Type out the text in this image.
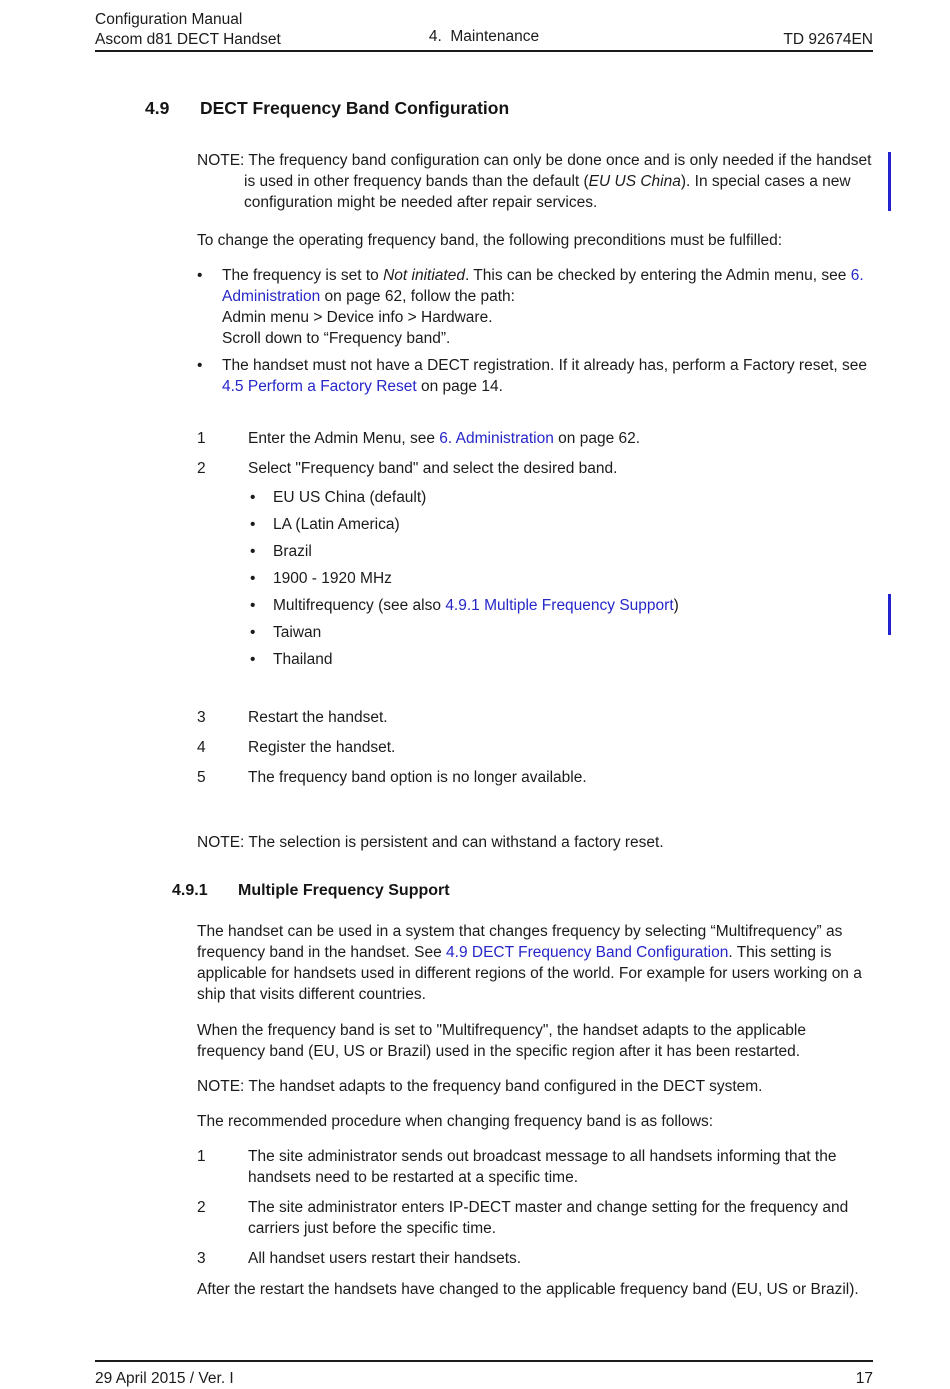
Configuration Manual
Ascom d81 DECT Handset	4.  Maintenance	TD 92674EN
4.9 DECT Frequency Band Configuration
NOTE: The frequency band configuration can only be done once and is only needed if the handset is used in other frequency bands than the default (EU US China). In special cases a new configuration might be needed after repair services.
To change the operating frequency band, the following preconditions must be fulfilled:
•	The frequency is set to Not initiated. This can be checked by entering the Admin menu, see 6. Administration on page 62, follow the path:
Admin menu > Device info > Hardware.
Scroll down to “Frequency band”.
•	The handset must not have a DECT registration. If it already has, perform a Factory reset, see 4.5 Perform a Factory Reset on page 14.
1	Enter the Admin Menu, see 6. Administration on page 62.
2	Select "Frequency band" and select the desired band.
•	EU US China (default)
•	LA (Latin America)
•	Brazil
•	1900 - 1920 MHz
•	Multifrequency (see also 4.9.1 Multiple Frequency Support)
•	Taiwan
•	Thailand
3	Restart the handset.
4	Register the handset.
5	The frequency band option is no longer available.
NOTE: The selection is persistent and can withstand a factory reset.
4.9.1 Multiple Frequency Support
The handset can be used in a system that changes frequency by selecting “Multifrequency” as frequency band in the handset. See 4.9 DECT Frequency Band Configuration. This setting is applicable for handsets used in different regions of the world. For example for users working on a ship that visits different countries.
When the frequency band is set to "Multifrequency", the handset adapts to the applicable frequency band (EU, US or Brazil) used in the specific region after it has been restarted.
NOTE: The handset adapts to the frequency band configured in the DECT system.
The recommended procedure when changing frequency band is as follows:
1	The site administrator sends out broadcast message to all handsets informing that the handsets need to be restarted at a specific time.
2	The site administrator enters IP-DECT master and change setting for the frequency and carriers just before the specific time.
3	All handset users restart their handsets.
After the restart the handsets have changed to the applicable frequency band (EU, US or Brazil).
29 April 2015 / Ver. I	17
